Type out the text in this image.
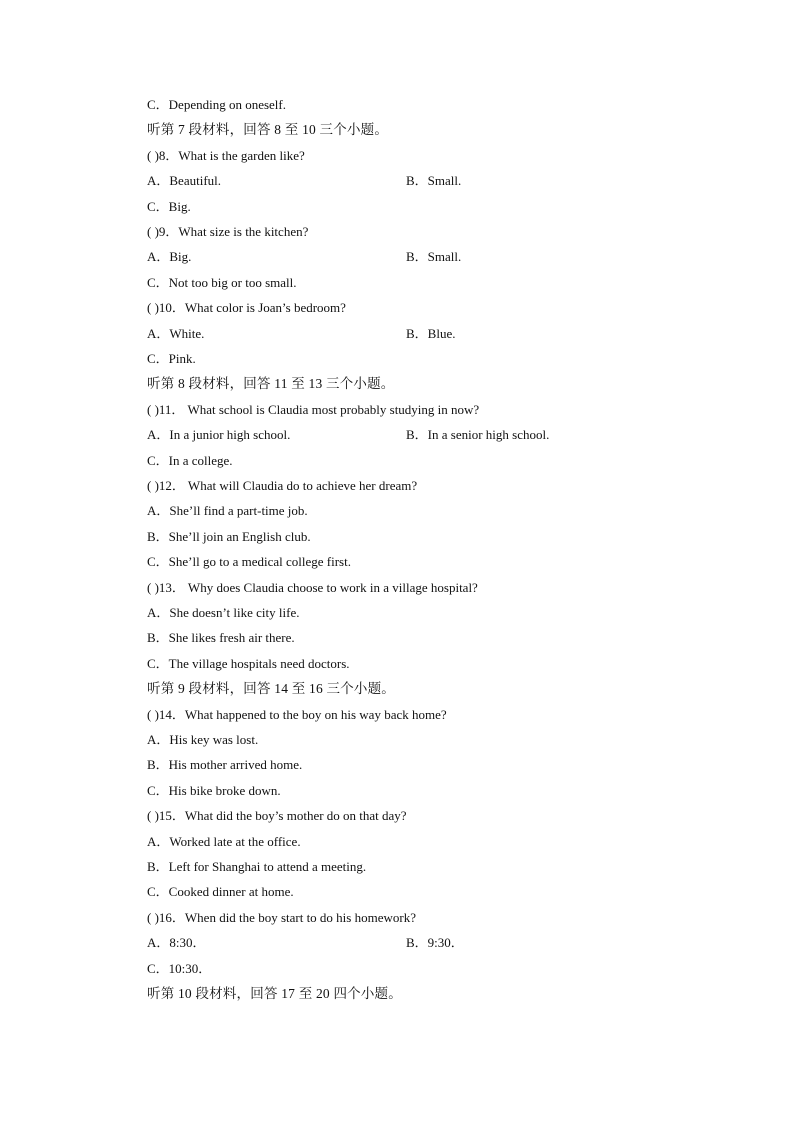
C．Depending on oneself.
听第 7 段材料，回答 8 至 10 三个小题。
( )8．What is the garden like?
A．Beautiful.	B．Small.
C．Big.
( )9．What size is the kitchen?
A．Big.	B．Small.
C．Not too big or too small.
( )10．What color is Joan’s bedroom?
A．White.	B．Blue.
C．Pink.
听第 8 段材料，回答 11 至 13 三个小题。
( )11． What school is Claudia most probably studying in now?
A．In a junior high school.	B．In a senior high school.
C．In a college.
( )12． What will Claudia do to achieve her dream?
A．She’ll find a part-time job.
B．She’ll join an English club.
C．She’ll go to a medical college first.
( )13． Why does Claudia choose to work in a village hospital?
A．She doesn’t like city life.
B．She likes fresh air there.
C．The village hospitals need doctors.
听第 9 段材料，回答 14 至 16 三个小题。
( )14．What happened to the boy on his way back home?
A．His key was lost.
B．His mother arrived home.
C．His bike broke down.
( )15．What did the boy’s mother do on that day?
A．Worked late at the office.
B．Left for Shanghai to attend a meeting.
C．Cooked dinner at home.
( )16．When did the boy start to do his homework?
A．8:30．	B．9:30．
C．10:30．
听第 10 段材料，回答 17 至 20 四个小题。
